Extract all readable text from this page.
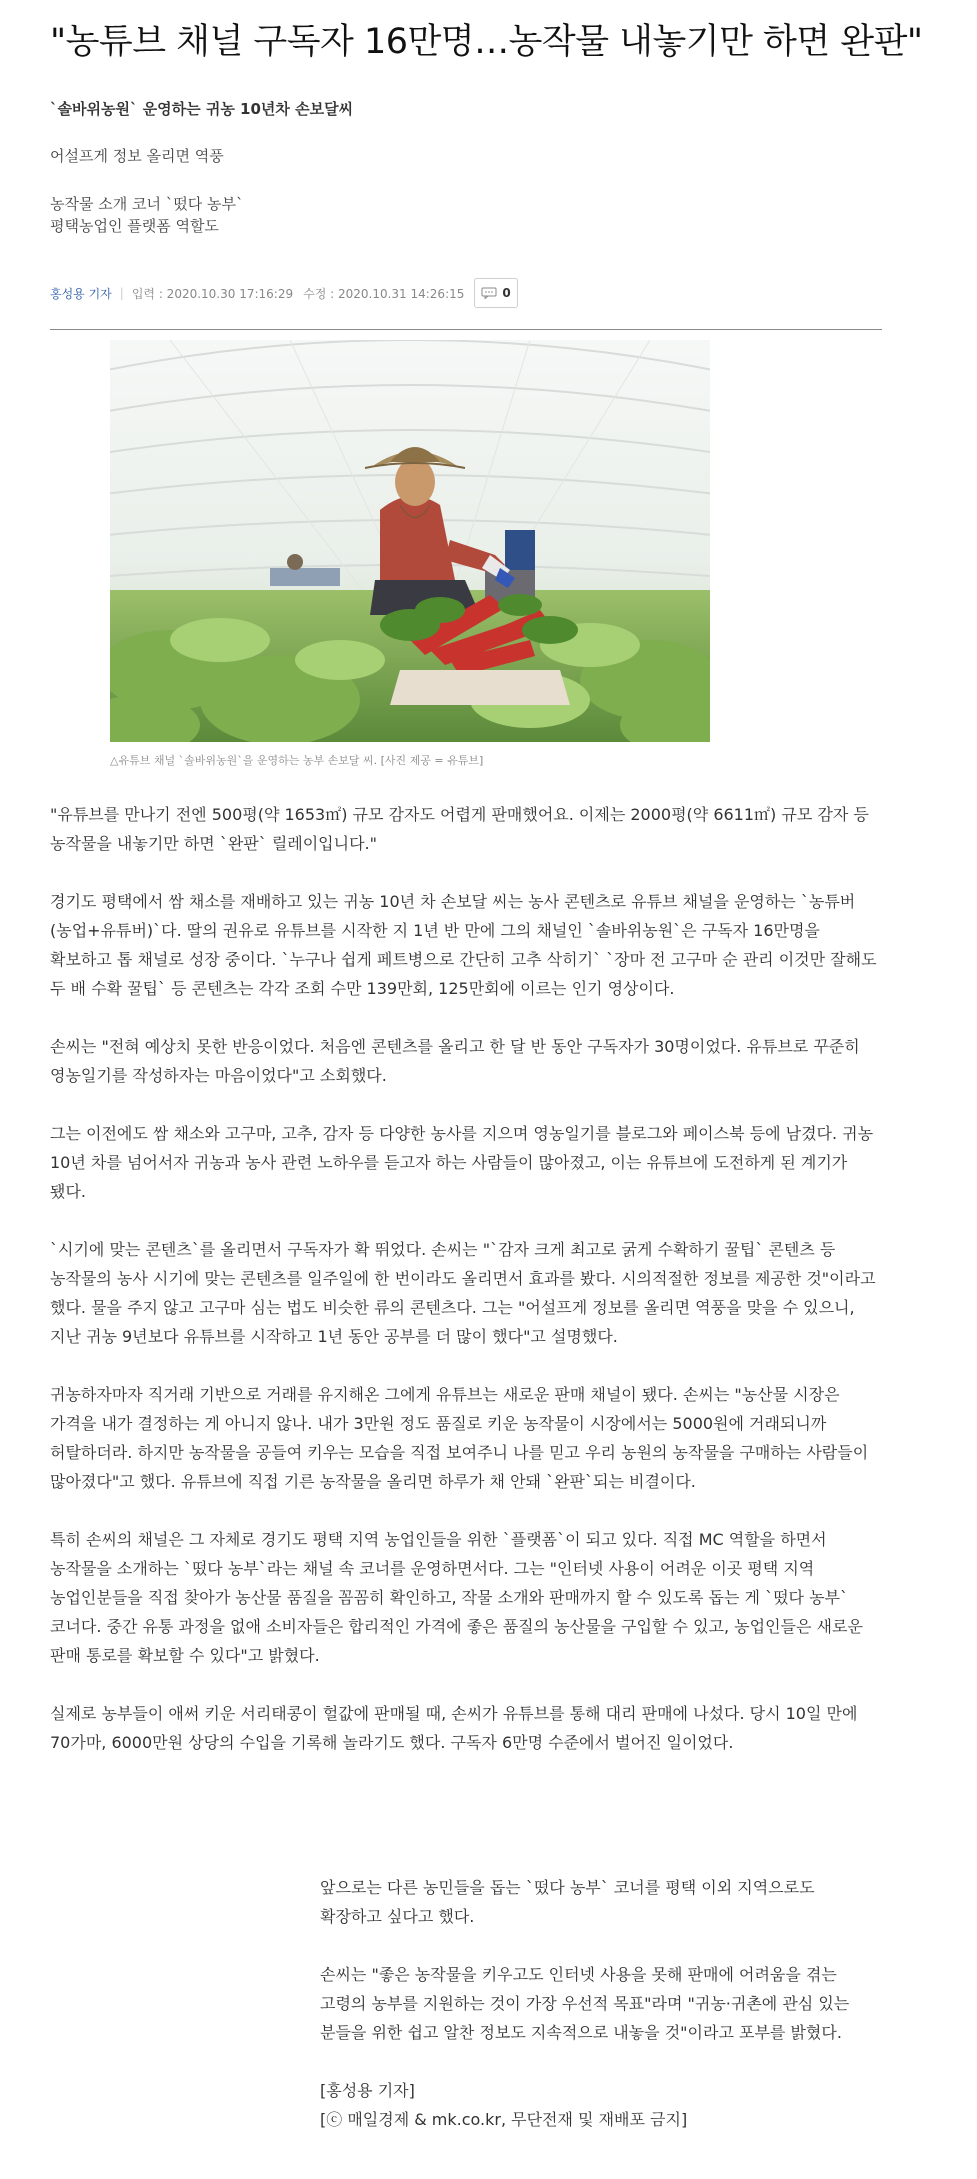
"농튜브 채널 구독자 16만명…농작물 내놓기만 하면 완판"
`솔바위농원` 운영하는 귀농 10년차 손보달씨
어설프게 정보 올리면 역풍
농작물 소개 코너 `떴다 농부`
평택농업인 플랫폼 역할도
홍성용 기자 | 입력 : 2020.10.30 17:16:29 수정 : 2020.10.31 14:26:15	0
△유튜브 채널 `솔바위농원`을 운영하는 농부 손보달 씨. [사진 제공 = 유튜브]

"유튜브를 만나기 전엔 500평(약 1653㎡) 규모 감자도 어렵게 판매했어요. 이제는 2000평(약 6611㎡) 규모 감자 등 농작물을 내놓기만 하면 `완판` 릴레이입니다."

경기도 평택에서 쌈 채소를 재배하고 있는 귀농 10년 차 손보달 씨는 농사 콘텐츠로 유튜브 채널을 운영하는 `농튜버(농업+유튜버)`다. 딸의 권유로 유튜브를 시작한 지 1년 반 만에 그의 채널인 `솔바위농원`은 구독자 16만명을 확보하고 톱 채널로 성장 중이다. `누구나 쉽게 페트병으로 간단히 고추 삭히기` `장마 전 고구마 순 관리 이것만 잘해도 두 배 수확 꿀팁` 등 콘텐츠는 각각 조회 수만 139만회, 125만회에 이르는 인기 영상이다.

손씨는 "전혀 예상치 못한 반응이었다. 처음엔 콘텐츠를 올리고 한 달 반 동안 구독자가 30명이었다. 유튜브로 꾸준히 영농일기를 작성하자는 마음이었다"고 소회했다.

그는 이전에도 쌈 채소와 고구마, 고추, 감자 등 다양한 농사를 지으며 영농일기를 블로그와 페이스북 등에 남겼다. 귀농 10년 차를 넘어서자 귀농과 농사 관련 노하우를 듣고자 하는 사람들이 많아졌고, 이는 유튜브에 도전하게 된 계기가 됐다.

`시기에 맞는 콘텐츠`를 올리면서 구독자가 확 뛰었다. 손씨는 "`감자 크게 최고로 굵게 수확하기 꿀팁` 콘텐츠 등 농작물의 농사 시기에 맞는 콘텐츠를 일주일에 한 번이라도 올리면서 효과를 봤다. 시의적절한 정보를 제공한 것"이라고 했다. 물을 주지 않고 고구마 심는 법도 비슷한 류의 콘텐츠다. 그는 "어설프게 정보를 올리면 역풍을 맞을 수 있으니, 지난 귀농 9년보다 유튜브를 시작하고 1년 동안 공부를 더 많이 했다"고 설명했다.

귀농하자마자 직거래 기반으로 거래를 유지해온 그에게 유튜브는 새로운 판매 채널이 됐다. 손씨는 "농산물 시장은 가격을 내가 결정하는 게 아니지 않나. 내가 3만원 정도 품질로 키운 농작물이 시장에서는 5000원에 거래되니까 허탈하더라. 하지만 농작물을 공들여 키우는 모습을 직접 보여주니 나를 믿고 우리 농원의 농작물을 구매하는 사람들이 많아졌다"고 했다. 유튜브에 직접 기른 농작물을 올리면 하루가 채 안돼 `완판`되는 비결이다.

특히 손씨의 채널은 그 자체로 경기도 평택 지역 농업인들을 위한 `플랫폼`이 되고 있다. 직접 MC 역할을 하면서 농작물을 소개하는 `떴다 농부`라는 채널 속 코너를 운영하면서다. 그는 "인터넷 사용이 어려운 이곳 평택 지역 농업인분들을 직접 찾아가 농산물 품질을 꼼꼼히 확인하고, 작물 소개와 판매까지 할 수 있도록 돕는 게 `떴다 농부` 코너다. 중간 유통 과정을 없애 소비자들은 합리적인 가격에 좋은 품질의 농산물을 구입할 수 있고, 농업인들은 새로운 판매 통로를 확보할 수 있다"고 밝혔다.

실제로 농부들이 애써 키운 서리태콩이 헐값에 판매될 때, 손씨가 유튜브를 통해 대리 판매에 나섰다. 당시 10일 만에 70가마, 6000만원 상당의 수입을 기록해 놀라기도 했다. 구독자 6만명 수준에서 벌어진 일이었다.

앞으로는 다른 농민들을 돕는 `떴다 농부` 코너를 평택 이외 지역으로도 확장하고 싶다고 했다.

손씨는 "좋은 농작물을 키우고도 인터넷 사용을 못해 판매에 어려움을 겪는 고령의 농부를 지원하는 것이 가장 우선적 목표"라며 "귀농·귀촌에 관심 있는 분들을 위한 쉽고 알찬 정보도 지속적으로 내놓을 것"이라고 포부를 밝혔다.

[홍성용 기자]

[ⓒ 매일경제 & mk.co.kr, 무단전재 및 재배포 금지]
